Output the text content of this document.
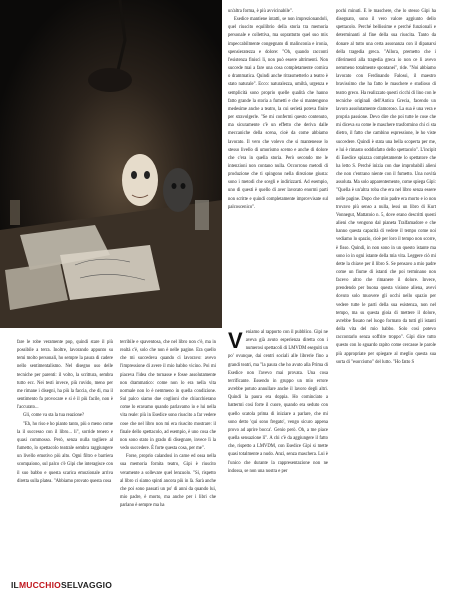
fare le robe veramente pop, quindi stare il più possibile a terra. Inoltre, lavorando appunto su temi molto personali, ho sempre la paura di cadere nello sentimentalismo. Nel disegno uso delle tecniche per parenti: il volto, la scrittura, sembra tutto ecc. Nei testi invece, più ruvido, meno per me rimane i disegni, ha più la faccia, che di, ma il sentimento fa provocare e si è il più facile, non è l'accurato...

Gli, come va sta la tua reazione?

"Eh, ho riso e ho pianto tanto, più o meno come la il successo con il libro... li", sorride tenero e quasi commosso. Però, senza nulla togliere al fumetto, lo spettacolo teatrale sembra raggiungere un livello emotivo più alto. Ogni filtro e barriera scompaiono, sul palco c'è Gipi che interagisce con il suo babbo e questa scarica emozionale arriva diretta sulla platea. "Abbiamo provato questa cosa

terribile e spaventosa, che nel libro non c'è, ma in realtà c'è, solo che non è nelle pagine. Era quello che mi succedeva quando ci lavoravo: avevo l'impressione di avere il mio babbo vicino. Poi mi piaceva l'idea che tornasse e fosse assolutamente non drammatico: come non lo era nella vita normale non lo è nemmeno in quella condizione. Sul palco siamo due coglioni che chiacchierano come lo eravamo quando parlavamo io e lui nella vita reale: più in Esedice sono riuscito a far vedere cose che nel libro non mi era riuscito mostrare: il finale dello spettacolo, ad esempio, è uno cosa che non sono stato in grado di disegnare, invece lì la vedo succedere. È forte questa cosa, per me".

Forse, proprio calandosi in carne ed ossa nella sua memoria fornita teatro, Gipi è riuscito veramente a sollevare quel lenzuolo. "Si, rispetto al libro ci siamo spinti ancora più in là. Sarà anche che poi sono passati un po' di anni da quando lui, mio padre, è morto, ma anche per i libri che parlano è sempre ma ha

un'altra forma, è più avvicinabile".

Esedice mantiene intatti, se non imprezionandoli, quel riuscito equilibrio della storia tra memoria personale e collettiva, ma soprattutto quel suo mix impeccabilmente congegnato di malinconia e ironia, spensieratezza e dolore: "Oh, quando racconti l'esistenza finisci lì, non può essere altrimenti. Non succede mai a fare una cosa completamente comica o drammatica. Quindi anche ritrasmetterlo a teatro è stato naturale". Ecco: naturalezza, umiltà, urgenza e semplicità sono proprio quelle qualità che hanno fatto grande la storia a fumetti e che si mantengono medesime anche a teatro, la cui serietà poteva finire per stravolgerle. "Se mi confermi questo contenuto, ma sicuramente c'è un effetto che deriva dalle meccaniche della scena, cioè da come abbiamo lavorato. Il vero che volevo che si mantenesse lo stesso livello di umorismo scemo e anche di dolore che c'era in quella storia. Però secondo me le intenzioni non contano nulla. Occorrono metodi di produzione che ti spingono nella direzione giusta: sono i metodi che scegli e indirizzarti. Ad esempio, uno di questi è quello di aver lavorato enormi parti non scritte e quindi completamente improvvisate sul palcoscenico".

Veniamo al rapporto con il pubblico. Gipi ne aveva già avuto esperienza diretta con i numerosi spettacoli di LMVDM eseguiti un po' ovunque, dai centri sociali alle librerie fino a grandi teatri, ma "la paura che ho avuto alla Prima di Esedice non l'avevo mai provata. Una cosa terrificante. Essendo in gruppo un mio errore avrebbe potuto annullare anche il lavoro degli altri. Quindi la paura era doppia. Ho cominciato a battermi così forte il cuore, quando era seduto con quello scatola prima di iniziare a parlare, che mi sono detto 'qui sono fregato', vengo sicuro appena provo ad aprire bocca'. Genio però. Oh, a me piace quella sensazione lì". A chi c'è da aggiungere il fatto che, rispetto a LMVDM, con Esedice Gipi si mette quasi totalmente a nudo. Anzi, senza maschera. Lui è l'unico che durante la rappresentazione non ne indossa, se non una nostra e per

pochi minuti. E le maschere, che lo stesso Gipi ha disegnato, sono il vero valore aggiunto dello spettacolo. Perché bellissime e perché funzionali e determinanti al fine della sua riuscita. Tanto da donare al tutto una certa assonanza con il dipanarsi della tragedia greca. "Allora, premetto che i riferimenti alla tragedia greca io non ce li avevo nemmeno totalmente spontanei", ride. "Noi abbiamo lavorato con Ferdinando Falossi, il maestro bravissimo che ha fatto le maschere e studioso di teatro greco. Ha realizzato questi cicchi di lino con le tecniche originali dell'Antica Grecia, facendo un lavoro assolutamente clamoroso. La sua è una vera e propria passione. Devo dire che poi tutte le cose che mi diceva su come le maschere trasformino chi ci sta dietro, il fatto che cambino espressione, le ho viste succedere. Quindi è stata una bella scoperta per me, e lui è rimasto soddisfatto dello spettacolo". L'incipit di Esedice spiazza completamente lo spettatore che ha letto S. Perché inizia con due improbabili alieni che non c'entrano niente con il fumetto. Una novità assoluta. Ma solo apparentemente, come spiega Gipi: "Quella è un'altra roba che era nel libro senza essere nelle pagine. Dopo che mio padre era morto e io non trovavo più senso a nulla, lessi un libro di Kurt Vonnegut, Mattatoio n. 5, dove erano descritti questi alieni che vengono dal pianeta Tralfamadore e che hanno questa capacità di vedere il tempo come noi vediamo lo spazio, cioè per loro il tempo non scorre, è fisso. Quindi, in non sono in un questo istante ma sono io in ogni istante della mia vita. Leggere ciò mi dette la chiave per il libro S. Se pensavo a mio padre come un fiume di istanti che poi terminano non facevo altro che rimanere il dolore. Invece, prendendo per buona questa visione aliena, avevi dovuto solo muovere gli occhi nello spazio per vedere tutte le parti della sua esistenza, non nel tempo, ma su questa gioia di mettere il dolore, avrebbe fissato nel luogo formato da tutti gli istanti della vita del mio babbo. Solo così potevo raccontarlo senza soffrire troppo". Gipi dice tutto questo con lo sguardo rapito come cercasse le parole più appropriate per spiegare al meglio questa sua sorta di "esorcismo" del lutto. "Ho fatto S

ILMUCCHIOSELVAGGIO
